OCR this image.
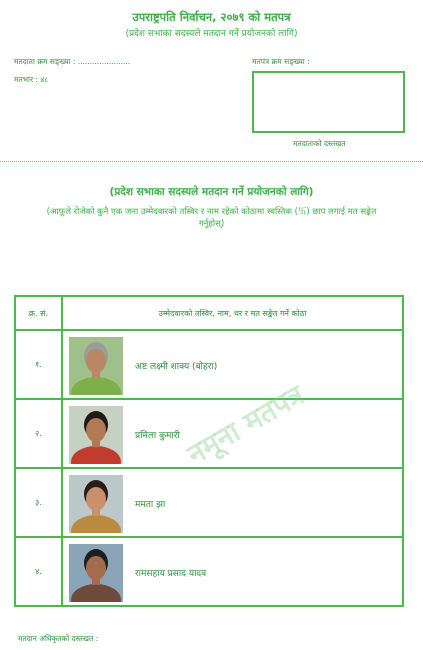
उपराष्ट्रपति निर्वाचन, २०७९ को मतपत्र
(प्रदेश सभाका सदस्यले मतदान गर्ने प्रयोजनको लागि)
मतदाता क्रम सङ्ख्या : ......................	मतपत्र क्रम सङ्ख्या :
मतभार : ४८
मतदाताको दस्तखत
(प्रदेश सभाका सदस्यले मतदान गर्ने प्रयोजनको लागि)
(आफूले रोजेको कुनै एक जना उम्मेदवारको तस्विर र नाम रहेको कोठामा स्वस्तिक (卐) छाप लगाई मत सङ्केत गर्नुहोस्)
क्र. सं.	उम्मेदवारको तस्विर, नाम, थर र मत सङ्केत गर्ने कोठा
१.	अष्ट लक्ष्मी शाक्य (बोहरा)

२.	प्रमिला कुमारी

३.	ममता झा

४.	रामसहाय प्रसाद यादव
नमूना मतपत्र
मतदान अधिकृतको दस्तखत :
